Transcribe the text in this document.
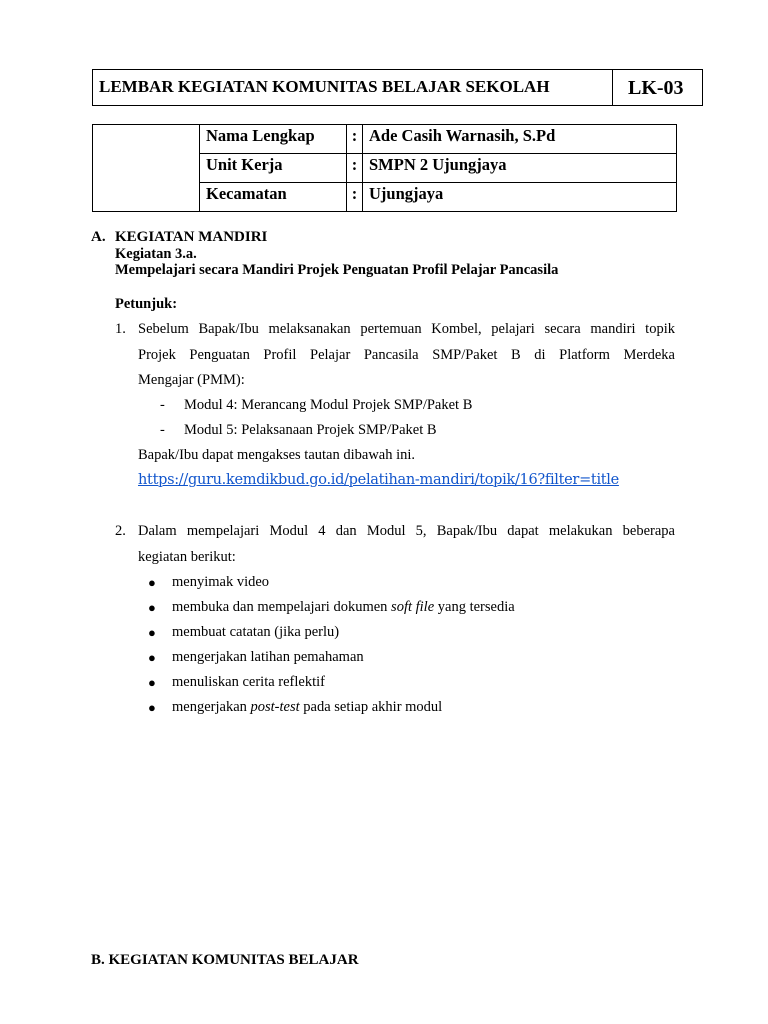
LEMBAR KEGIATAN KOMUNITAS BELAJAR SEKOLAH	LK-03
	Nama Lengkap	:	Ade Casih Warnasih, S.Pd
	Unit Kerja	:	SMPN 2 Ujungjaya
	Kecamatan	:	Ujungjaya
A. KEGIATAN MANDIRI
Kegiatan 3.a.
Mempelajari secara Mandiri Projek Penguatan Profil Pelajar Pancasila
Petunjuk:
1. Sebelum Bapak/Ibu melaksanakan pertemuan Kombel, pelajari secara mandiri topik
Projek Penguatan Profil Pelajar Pancasila SMP/Paket B di Platform Merdeka
Mengajar (PMM):
- Modul 4: Merancang Modul Projek SMP/Paket B
- Modul 5: Pelaksanaan Projek SMP/Paket B
Bapak/Ibu dapat mengakses tautan dibawah ini.
https://guru.kemdikbud.go.id/pelatihan-mandiri/topik/16?filter=title
2. Dalam mempelajari Modul 4 dan Modul 5, Bapak/Ibu dapat melakukan beberapa
kegiatan berikut:
● menyimak video
● membuka dan mempelajari dokumen soft file yang tersedia
● membuat catatan (jika perlu)
● mengerjakan latihan pemahaman
● menuliskan cerita reflektif
● mengerjakan post-test pada setiap akhir modul
B. KEGIATAN KOMUNITAS BELAJAR
